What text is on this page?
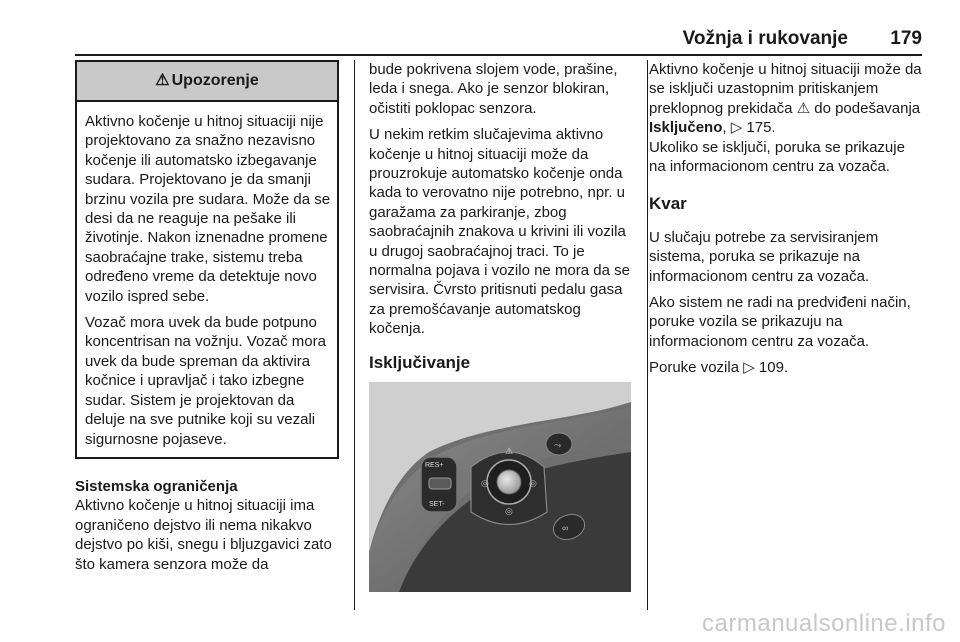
Vožnja i rukovanje 179
⚠ Upozorenje

Aktivno kočenje u hitnoj situaciji nije projektovano za snažno nezavisno kočenje ili automatsko izbegavanje sudara. Projektovano je da smanji brzinu vozila pre sudara. Može da se desi da ne reaguje na pešake ili životinje. Nakon iznenadne promene saobraćajne trake, sistemu treba određeno vreme da detektuje novo vozilo ispred sebe.

Vozač mora uvek da bude potpuno koncentrisan na vožnju. Vozač mora uvek da bude spreman da aktivira kočnice i upravljač i tako izbegne sudar. Sistem je projektovan da deluje na sve putnike koji su vezali sigurnosne pojaseve.

Sistemska ograničenja

Aktivno kočenje u hitnoj situaciji ima ograničeno dejstvo ili nema nikakvo dejstvo po kiši, snegu i bljuzgavici zato što kamera senzora može da

bude pokrivena slojem vode, prašine, leda i snega. Ako je senzor blokiran, očistiti poklopac senzora.

U nekim retkim slučajevima aktivno kočenje u hitnoj situaciji može da prouzrokuje automatsko kočenje onda kada to verovatno nije potrebno, npr. u garažama za parkiranje, zbog saobraćajnih znakova u krivini ili vozila u drugoj saobraćajnoj traci. To je normalna pojava i vozilo ne mora da se servisira. Čvrsto pritisnuti pedalu gasa za premošćavanje automatskog kočenja.

Isključivanje
RES+
SET-
⚠
◎	◎
◎
⤳
∞

Aktivno kočenje u hitnoj situaciji može da se isključi uzastopnim pritiskanjem preklopnog prekidača ⚠ do podešavanja Isključeno, ▷ 175.

Ukoliko se isključi, poruka se prikazuje na informacionom centru za vozača.

Kvar

U slučaju potrebe za servisiranjem sistema, poruka se prikazuje na informacionom centru za vozača.

Ako sistem ne radi na predviđeni način, poruke vozila se prikazuju na informacionom centru za vozača.

Poruke vozila ▷ 109.

carmanualsonline.info
